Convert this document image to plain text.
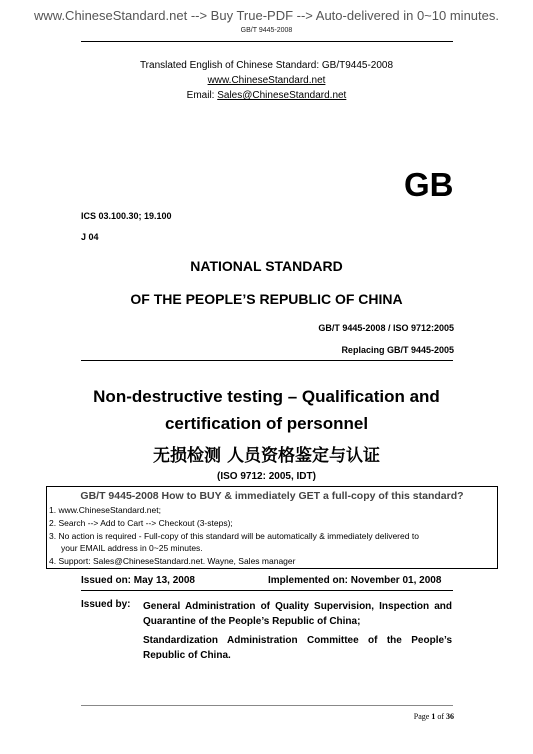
www.ChineseStandard.net --> Buy True-PDF --> Auto-delivered in 0~10 minutes.
GB/T 9445-2008
Translated English of Chinese Standard: GB/T9445-2008
www.ChineseStandard.net
Email: Sales@ChineseStandard.net
GB
ICS 03.100.30; 19.100
J 04
NATIONAL STANDARD
OF THE PEOPLE’S REPUBLIC OF CHINA
GB/T 9445-2008 / ISO 9712:2005
Replacing GB/T 9445-2005
Non-destructive testing – Qualification and
certification of personnel
无损检测 人员资格鉴定与认证
(ISO 9712: 2005, IDT)
GB/T 9445-2008 How to BUY & immediately GET a full-copy of this standard?
1. www.ChineseStandard.net;
2. Search --> Add to Cart --> Checkout (3-steps);
3. No action is required - Full-copy of this standard will be automatically & immediately delivered to
your EMAIL address in 0~25 minutes.
4. Support: Sales@ChineseStandard.net. Wayne, Sales manager
Issued on: May 13, 2008	Implemented on: November 01, 2008
Issued by: General Administration of Quality Supervision, Inspection and Quarantine of the People’s Republic of China;
Standardization Administration Committee of the People’s Republic of China.
Page 1 of 36
